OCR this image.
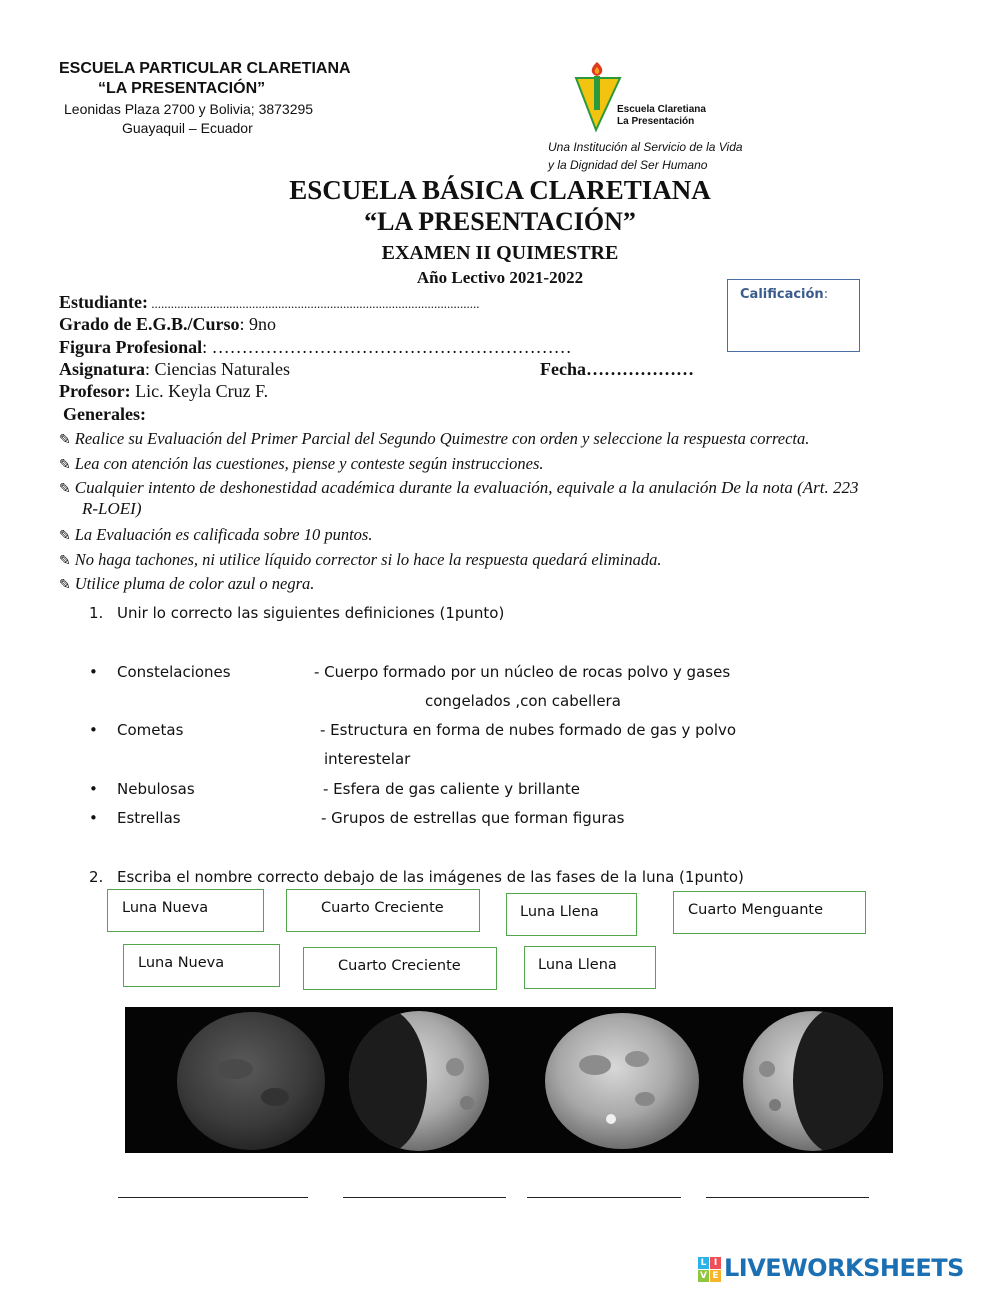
ESCUELA PARTICULAR CLARETIANA
“LA PRESENTACIÓN”
Leonidas Plaza 2700 y Bolivia; 3873295
Guayaquil – Ecuador
Escuela Claretiana
La Presentación
Una Institución al Servicio de la Vida
y la Dignidad del Ser Humano
ESCUELA BÁSICA CLARETIANA
“LA PRESENTACIÓN”
EXAMEN II QUIMESTRE
Año Lectivo 2021-2022
Calificación:
Estudiante: .....................................................................................................
Grado de E.G.B./Curso: 9no
Figura Profesional: ……………………………………………………
Asignatura: Ciencias Naturales	Fecha………………
Profesor: Lic. Keyla Cruz F.
Generales:
✎ Realice su Evaluación del Primer Parcial del Segundo Quimestre con orden y seleccione la respuesta correcta.
✎ Lea con atención las cuestiones, piense y conteste según instrucciones.
✎ Cualquier intento de deshonestidad académica durante la evaluación, equivale a la anulación De la nota (Art. 223
R-LOEI)
✎ La Evaluación es calificada sobre 10 puntos.
✎ No haga tachones, ni utilice líquido corrector si lo hace la respuesta quedará eliminada.
✎ Utilice pluma de color azul o negra.
1. Unir lo correcto las siguientes definiciones (1punto)
• Constelaciones	- Cuerpo formado por un núcleo de rocas polvo y gases
congelados ,con cabellera
• Cometas	- Estructura en forma de nubes formado de gas y polvo
interestelar
• Nebulosas	- Esfera de gas caliente y brillante
• Estrellas	- Grupos de estrellas que forman figuras
2. Escriba el nombre correcto debajo de las imágenes de las fases de la luna (1punto)
Luna Nueva	Cuarto Creciente	Luna Llena	Cuarto Menguante
Luna Nueva	Cuarto Creciente	Luna Llena
L I
V E LIVEWORKSHEETS
